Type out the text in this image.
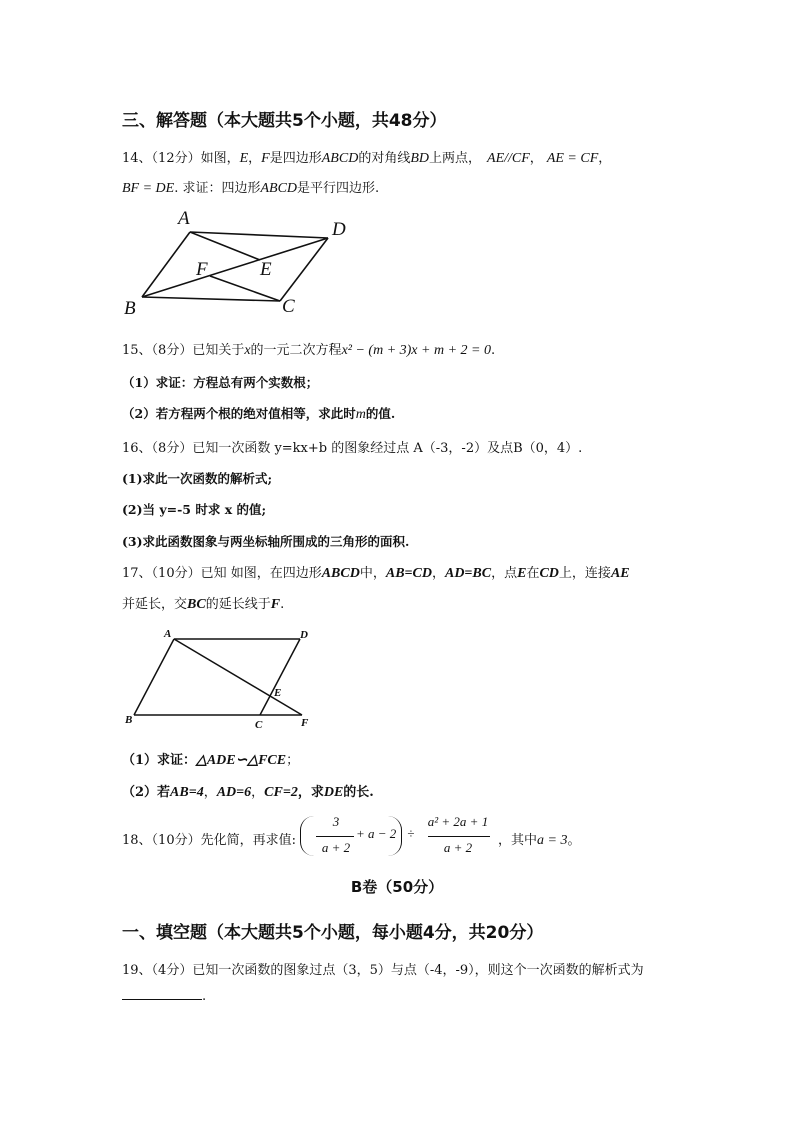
三、解答题（本大题共5个小题，共48分）
14、（12分）如图，E，F是四边形ABCD的对角线BD上两点， AE//CF， AE = CF，
BF = DE. 求证：四边形ABCD是平行四边形.
A
D
F	E
B	C
15、（8分）已知关于x的一元二次方程x² − (m + 3)x + m + 2 = 0.
（1）求证：方程总有两个实数根；
（2）若方程两个根的绝对值相等，求此时m的值.
16、（8分）已知一次函数 y=kx+b 的图象经过点 A（-3，-2）及点B（0，4）.
(1)求此一次函数的解析式;
(2)当 y=-5 时求 x 的值;
(3)求此函数图象与两坐标轴所围成的三角形的面积.
17、（10分）已知 如图，在四边形ABCD中，AB=CD，AD=BC，点E在CD上，连接AE
并延长，交BC的延长线于F.
A	D
E
B	C	F
（1）求证：△ADE∽△FCE；
（2）若AB=4，AD=6，CF=2，求DE的长.
18、（10分）先化简，再求值:
3
a + 2
+ a − 2 ÷
a² + 2a + 1
a + 2	，其中a = 3。
B卷（50分）
一、填空题（本大题共5个小题，每小题4分，共20分）
19、（4分）已知一次函数的图象过点（3，5）与点（-4，-9），则这个一次函数的解析式为
.
